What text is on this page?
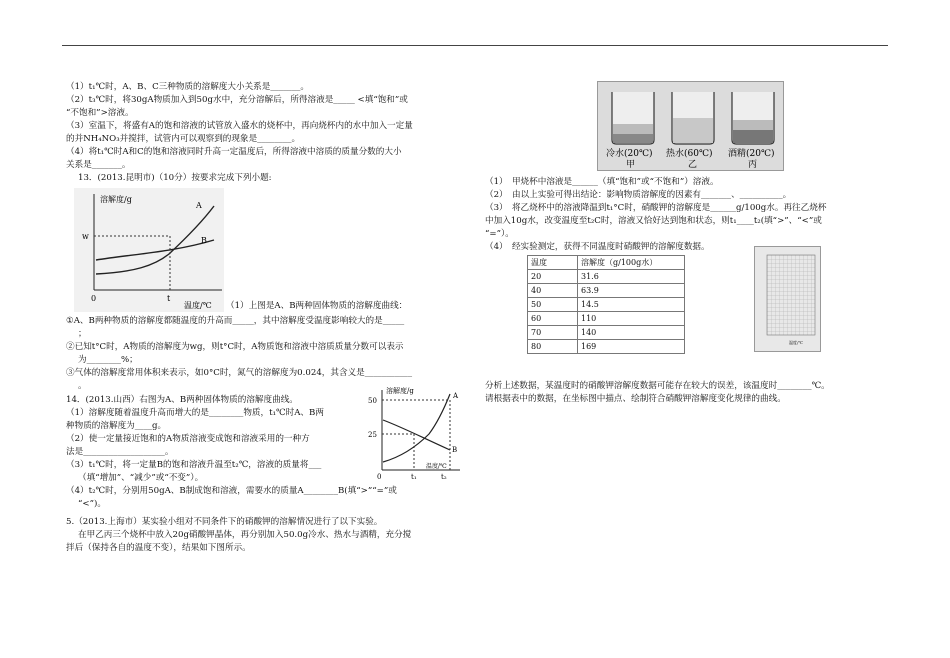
（1）t₁℃时，A、B、C三种物质的溶解度大小关系是_______。

（2）t₃℃时，将30gA物质加入到50g水中，充分溶解后，所得溶液是_____ <填“饱和”或

“不饱和”>溶液。

（3）室温下，将盛有A的饱和溶液的试管放入盛水的烧杯中，再向烧杯内的水中加入一定量

的并NH₄NO₃并搅拌，试管内可以观察到的现象是________。

（4）将t₁℃时A和C的饱和溶液同时升高一定温度后，所得溶液中溶质的质量分数的大小

关系是_______。

13．(2013.昆明市)（10分）按要求完成下列小题:
溶解度/g
w
0	t
温度/℃
A
B
（1）上图是A、B两种固体物质的溶解度曲线：

①A、B两种物质的溶解度都随温度的升高而_____，其中溶解度受温度影响较大的是_____

；

②已知t°C时，A物质的溶解度为wg，则t°C时，A物质饱和溶液中溶质质量分数可以表示

为________%；

③气体的溶解度常用体积来表示，如0°C时，氮气的溶解度为0.024，其含义是___________

。

14．(2013.山西）右图为A、B两种固体物质的溶解度曲线。

（1）溶解度随着温度升高而增大的是________物质，t₁℃时A、B两

种物质的溶解度为____g。

（2）使一定量接近饱和的A物质溶液变成饱和溶液采用的一种方

法是___________________。

（3）t₁℃时，将一定量B的饱和溶液升温至t₂℃，溶液的质量将___

（填“增加”、“减少”或“不变”）。

（4）t₂℃时，分别用50gA、B制成饱和溶液，需要水的质量A________B(填“>”“=”或

“<”)。

溶解度/g
50
25
0	t₁	t₂
温度/℃
A
B

5.（2013.上海市）某实验小组对不同条件下的硝酸钾的溶解情况进行了以下实验。

在甲乙丙三个烧杯中放入20g硝酸钾晶体，再分别加入50.0g冷水、热水与酒精，充分搅

拌后（保持各自的温度不变），结果如下图所示。

冷水(20℃)
甲
热水(60℃)
乙
酒精(20℃)
丙

（1）　甲烧杯中溶液是______（填“饱和”或“不饱和”）溶液。

（2）　由以上实验可得出结论：影响物质溶解度的因素有_______、__________。

（3）　将乙烧杯中的溶液降温到t₁°C时，硝酸钾的溶解度是______g/100g水。再往乙烧杯

中加入10g水，改变温度至t₂C时，溶液又恰好达到饱和状态，则t₁____t₂(填“>”、“<”或

“=”）。

（4）　经实验测定，获得不同温度时硝酸钾的溶解度数据。

温度	溶解度（g/100g水）
20	31.6
40	63.9
50	14.5
60	110
70	140
80	169	温度/℃

分析上述数据，某温度时的硝酸钾溶解度数据可能存在较大的误差，该温度时________℃。

请根据表中的数据，在坐标图中描点、绘制符合硝酸钾溶解度变化规律的曲线。
